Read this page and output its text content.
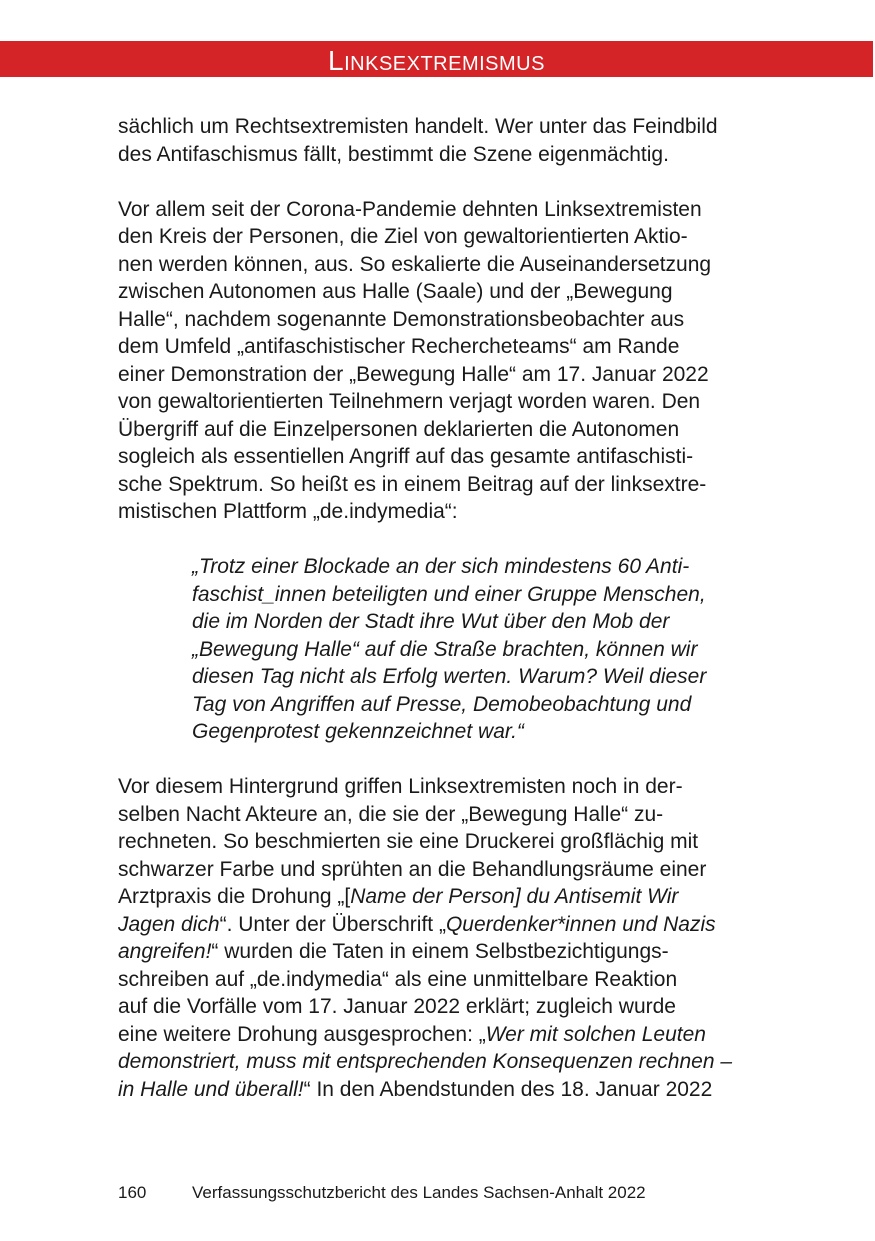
Linksextremismus

sächlich um Rechtsextremisten handelt. Wer unter das Feindbild
des Antifaschismus fällt, bestimmt die Szene eigenmächtig.

Vor allem seit der Corona-Pandemie dehnten Linksextremisten
den Kreis der Personen, die Ziel von gewaltorientierten Aktio-
nen werden können, aus. So eskalierte die Auseinandersetzung
zwischen Autonomen aus Halle (Saale) und der „Bewegung
Halle“, nachdem sogenannte Demonstrationsbeobachter aus
dem Umfeld „antifaschistischer Rechercheteams“ am Rande
einer Demonstration der „Bewegung Halle“ am 17. Januar 2022
von gewaltorientierten Teilnehmern verjagt worden waren. Den
Übergriff auf die Einzelpersonen deklarierten die Autonomen
sogleich als essentiellen Angriff auf das gesamte antifaschisti-
sche Spektrum. So heißt es in einem Beitrag auf der linksextre-
mistischen Plattform „de.indymedia“:

„Trotz einer Blockade an der sich mindestens 60 Anti-
faschist_innen beteiligten und einer Gruppe Menschen,
die im Norden der Stadt ihre Wut über den Mob der
„Bewegung Halle“ auf die Straße brachten, können wir
diesen Tag nicht als Erfolg werten. Warum? Weil dieser
Tag von Angriffen auf Presse, Demobeobachtung und
Gegenprotest gekennzeichnet war.“

Vor diesem Hintergrund griffen Linksextremisten noch in der-
selben Nacht Akteure an, die sie der „Bewegung Halle“ zu-
rechneten. So beschmierten sie eine Druckerei großflächig mit
schwarzer Farbe und sprühten an die Behandlungsräume einer
Arztpraxis die Drohung „[Name der Person] du Antisemit Wir
Jagen dich“. Unter der Überschrift „Querdenker*innen und Nazis
angreifen!“ wurden die Taten in einem Selbstbezichtigungs-
schreiben auf „de.indymedia“ als eine unmittelbare Reaktion
auf die Vorfälle vom 17. Januar 2022 erklärt; zugleich wurde
eine weitere Drohung ausgesprochen: „Wer mit solchen Leuten
demonstriert, muss mit entsprechenden Konsequenzen rechnen –
in Halle und überall!“ In den Abendstunden des 18. Januar 2022

160	Verfassungsschutzbericht des Landes Sachsen-Anhalt 2022
